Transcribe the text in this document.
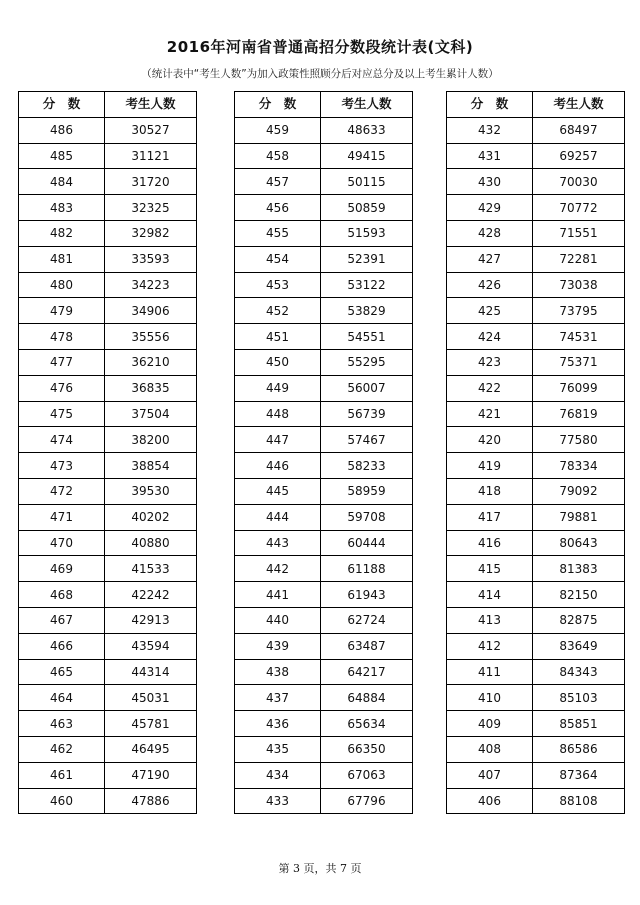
2016年河南省普通高招分数段统计表(文科)
（统计表中“考生人数”为加入政策性照顾分后对应总分及以上考生累计人数）
分　数	考生人数
486	30527
485	31121
484	31720
483	32325
482	32982
481	33593
480	34223
479	34906
478	35556
477	36210
476	36835
475	37504
474	38200
473	38854
472	39530
471	40202
470	40880
469	41533
468	42242
467	42913
466	43594
465	44314
464	45031
463	45781
462	46495
461	47190
460	47886
分　数	考生人数
459	48633
458	49415
457	50115
456	50859
455	51593
454	52391
453	53122
452	53829
451	54551
450	55295
449	56007
448	56739
447	57467
446	58233
445	58959
444	59708
443	60444
442	61188
441	61943
440	62724
439	63487
438	64217
437	64884
436	65634
435	66350
434	67063
433	67796
分　数	考生人数
432	68497
431	69257
430	70030
429	70772
428	71551
427	72281
426	73038
425	73795
424	74531
423	75371
422	76099
421	76819
420	77580
419	78334
418	79092
417	79881
416	80643
415	81383
414	82150
413	82875
412	83649
411	84343
410	85103
409	85851
408	86586
407	87364
406	88108
第 3 页，共 7 页
